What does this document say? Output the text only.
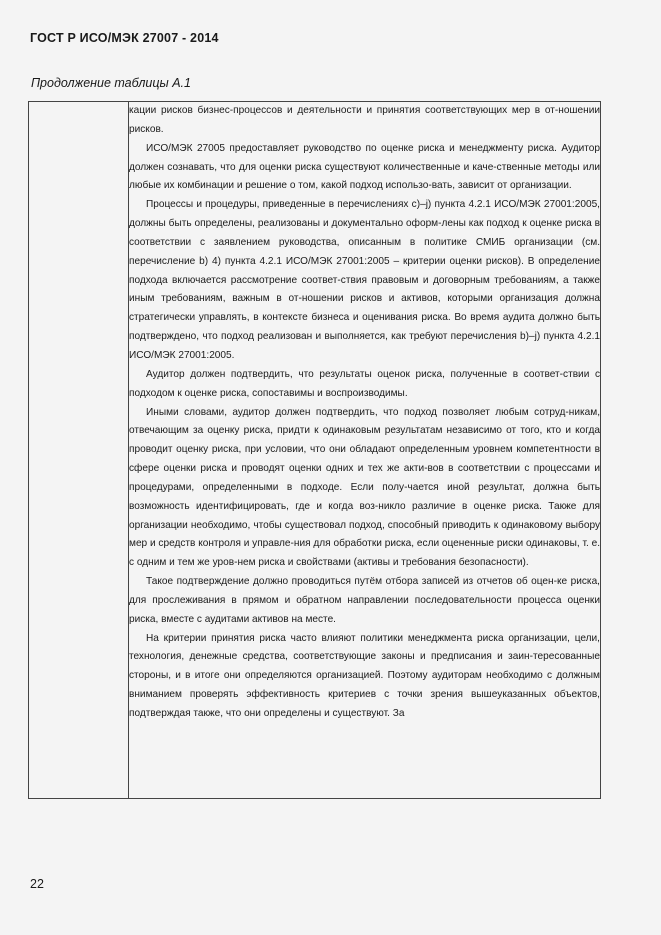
ГОСТ Р ИСО/МЭК 27007 - 2014
Продолжение таблицы А.1

кации рисков бизнес-процессов и деятельности и принятия соответствующих мер в от-ношении рисков.

ИСО/МЭК 27005 предоставляет руководство по оценке риска и менеджменту риска. Аудитор должен сознавать, что для оценки риска существуют количественные и каче-ственные методы или любые их комбинации и решение о том, какой подход использо-вать, зависит от организации.

Процессы и процедуры, приведенные в перечислениях с)–j) пункта 4.2.1 ИСО/МЭК 27001:2005, должны быть определены, реализованы и документально оформ-лены как подход к оценке риска в соответствии с заявлением руководства, описанным в политике СМИБ организации (см. перечисление b) 4) пункта 4.2.1 ИСО/МЭК 27001:2005 – критерии оценки рисков). В определение подхода включается рассмотрение соответ-ствия правовым и договорным требованиям, а также иным требованиям, важным в от-ношении рисков и активов, которыми организация должна стратегически управлять, в контексте бизнеса и оценивания риска. Во время аудита должно быть подтверждено, что подход реализован и выполняется, как требуют перечисления b)–j) пункта 4.2.1 ИСО/МЭК 27001:2005.

Аудитор должен подтвердить, что результаты оценок риска, полученные в соответ-ствии с подходом к оценке риска, сопоставимы и воспроизводимы.

Иными словами, аудитор должен подтвердить, что подход позволяет любым сотруд-никам, отвечающим за оценку риска, придти к одинаковым результатам независимо от того, кто и когда проводит оценку риска, при условии, что они обладают определенным уровнем компетентности в сфере оценки риска и проводят оценки одних и тех же акти-вов в соответствии с процессами и процедурами, определенными в подходе. Если полу-чается иной результат, должна быть возможность идентифицировать, где и когда воз-никло различие в оценке риска. Также для организации необходимо, чтобы существовал подход, способный приводить к одинаковому выбору мер и средств контроля и управле-ния для обработки риска, если оцененные риски одинаковы, т. е. с одним и тем же уров-нем риска и свойствами (активы и требования безопасности).

Такое подтверждение должно проводиться путём отбора записей из отчетов об оцен-ке риска, для прослеживания в прямом и обратном направлении последовательности процесса оценки риска, вместе с аудитами активов на месте.

На критерии принятия риска часто влияют политики менеджмента риска организации, цели, технология, денежные средства, соответствующие законы и предписания и заин-тересованные стороны, и в итоге они определяются организацией. Поэтому аудиторам необходимо с должным вниманием проверять эффективность критериев с точки зрения вышеуказанных объектов, подтверждая также, что они определены и существуют. За

22
